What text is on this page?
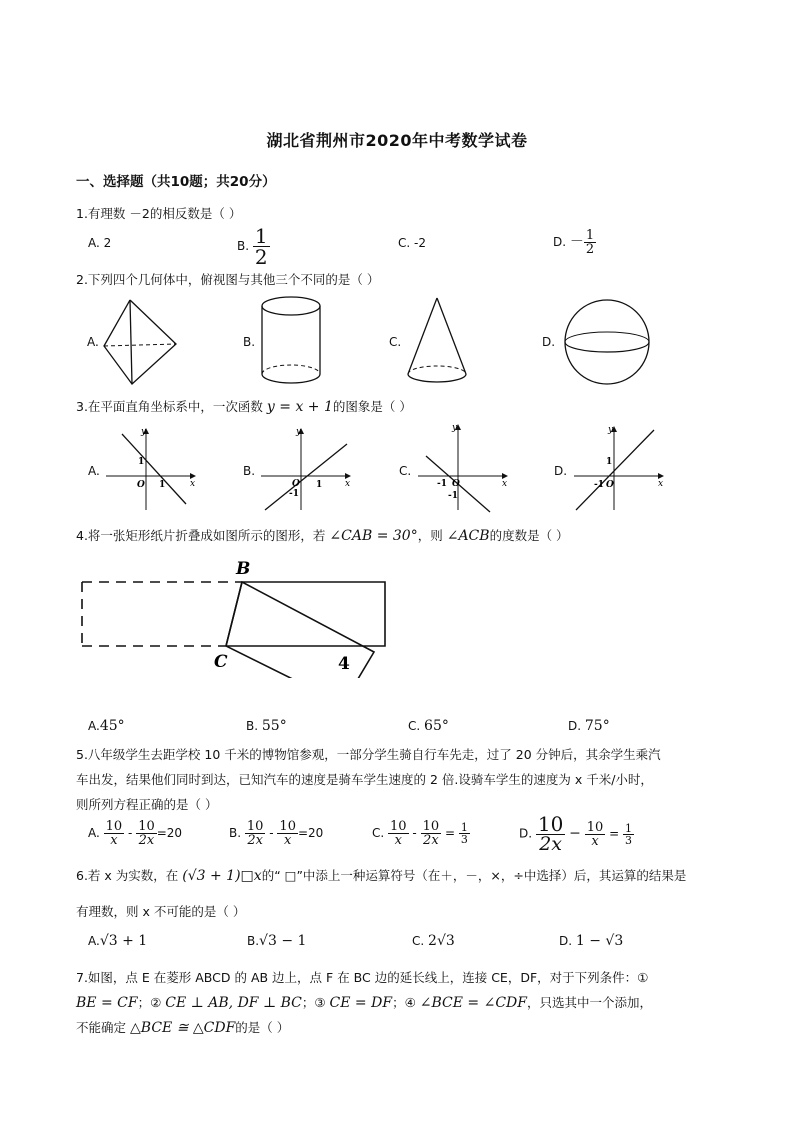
湖北省荆州市2020年中考数学试卷
一、选择题（共10题；共20分）
1.有理数 －2的相反数是（ ）
A. 2	B. $\frac{1}{2}$	C. -2	D. － $\frac{1}{2}$
2.下列四个几何体中，俯视图与其他三个不同的是（ ）
A.	B.	C.	D.
3.在平面直角坐标系中，一次函数 y = x + 1的图象是（ ）
A.
y
x
O
1
1
B.
y
x
O
-1
1
C.
y
x
O
-1
-1
D.
y
x
O
-1
1
4.将一张矩形纸片折叠成如图所示的图形，若 ∠CAB = 30°，则 ∠ACB的度数是（ ）
B
C	4
A.45°	B. 55°	C. 65°	D. 75°
5.八年级学生去距学校 10 千米的博物馆参观，一部分学生骑自行车先走，过了 20 分钟后，其余学生乘汽
车出发，结果他们同时到达，已知汽车的速度是骑车学生速度的 2 倍.设骑车学生的速度为 x 千米/小时，
则所列方程正确的是（ ）
A. $\frac{10}{x} - \frac{10}{2x} =20$	B. $\frac{10}{2x} - \frac{10}{x} =20$	C. $\frac{10}{x} - \frac{10}{2x} = \frac{1}{3}$	D. $\frac{10}{2x} - \frac{10}{x} = \frac{1}{3}$
6.若 x 为实数，在 (√3 + 1)□x的“ □”中添上一种运算符号（在＋，－，×，÷中选择）后，其运算的结果是
有理数，则 x 不可能的是（ ）
A.√3 + 1	B.√3 − 1	C. 2√3	D. 1 − √3
7.如图，点 E 在菱形 ABCD 的 AB 边上，点 F 在 BC 边的延长线上，连接 CE，DF，对于下列条件：①
BE = CF；② CE ⊥ AB, DF ⊥ BC；③ CE = DF；④ ∠BCE = ∠CDF，只选其中一个添加，
不能确定 △BCE ≅ △CDF的是（ ）
